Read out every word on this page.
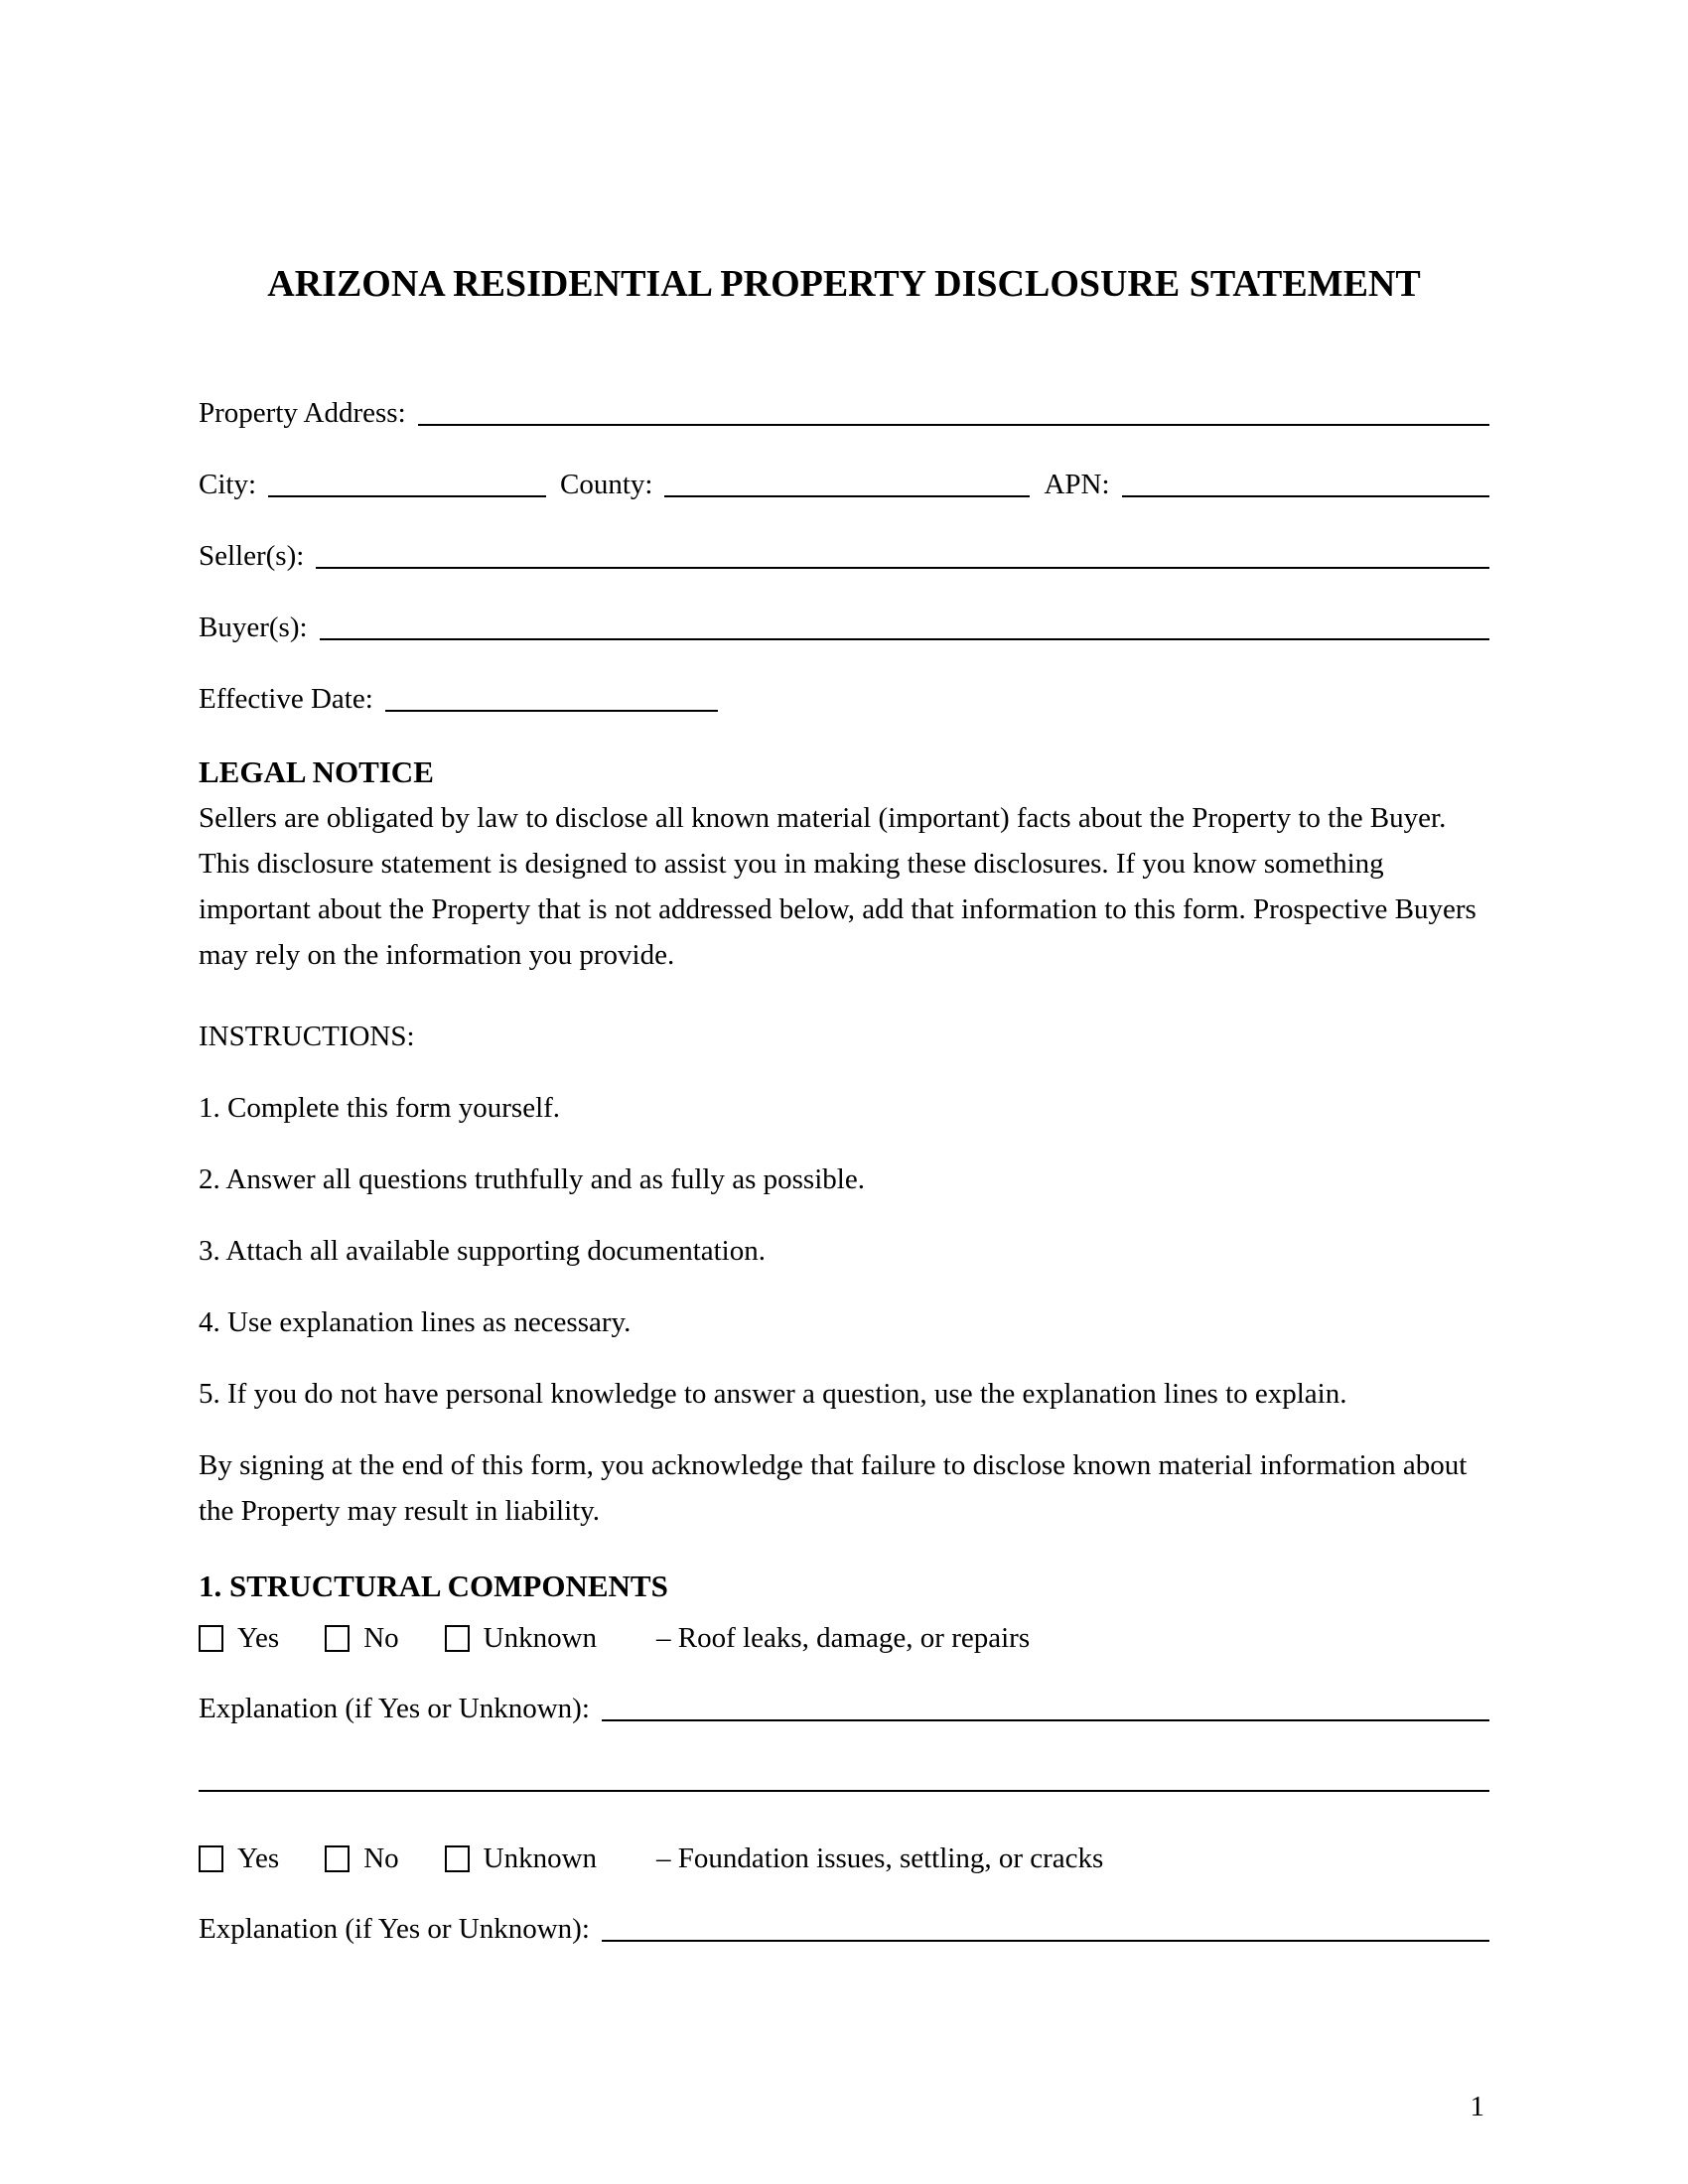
ARIZONA RESIDENTIAL PROPERTY DISCLOSURE STATEMENT
Property Address:
City:	County:	APN:
Seller(s):
Buyer(s):
Effective Date:
LEGAL NOTICE

Sellers are obligated by law to disclose all known material (important) facts about the Property to the Buyer. This disclosure statement is designed to assist you in making these disclosures. If you know something important about the Property that is not addressed below, add that information to this form. Prospective Buyers may rely on the information you provide.

INSTRUCTIONS:

1. Complete this form yourself.

2. Answer all questions truthfully and as fully as possible.

3. Attach all available supporting documentation.

4. Use explanation lines as necessary.

5. If you do not have personal knowledge to answer a question, use the explanation lines to explain.

By signing at the end of this form, you acknowledge that failure to disclose known material information about the Property may result in liability.

1. STRUCTURAL COMPONENTS
Yes	No	Unknown – Roof leaks, damage, or repairs
Explanation (if Yes or Unknown):
Yes	No	Unknown – Foundation issues, settling, or cracks
Explanation (if Yes or Unknown):
1
